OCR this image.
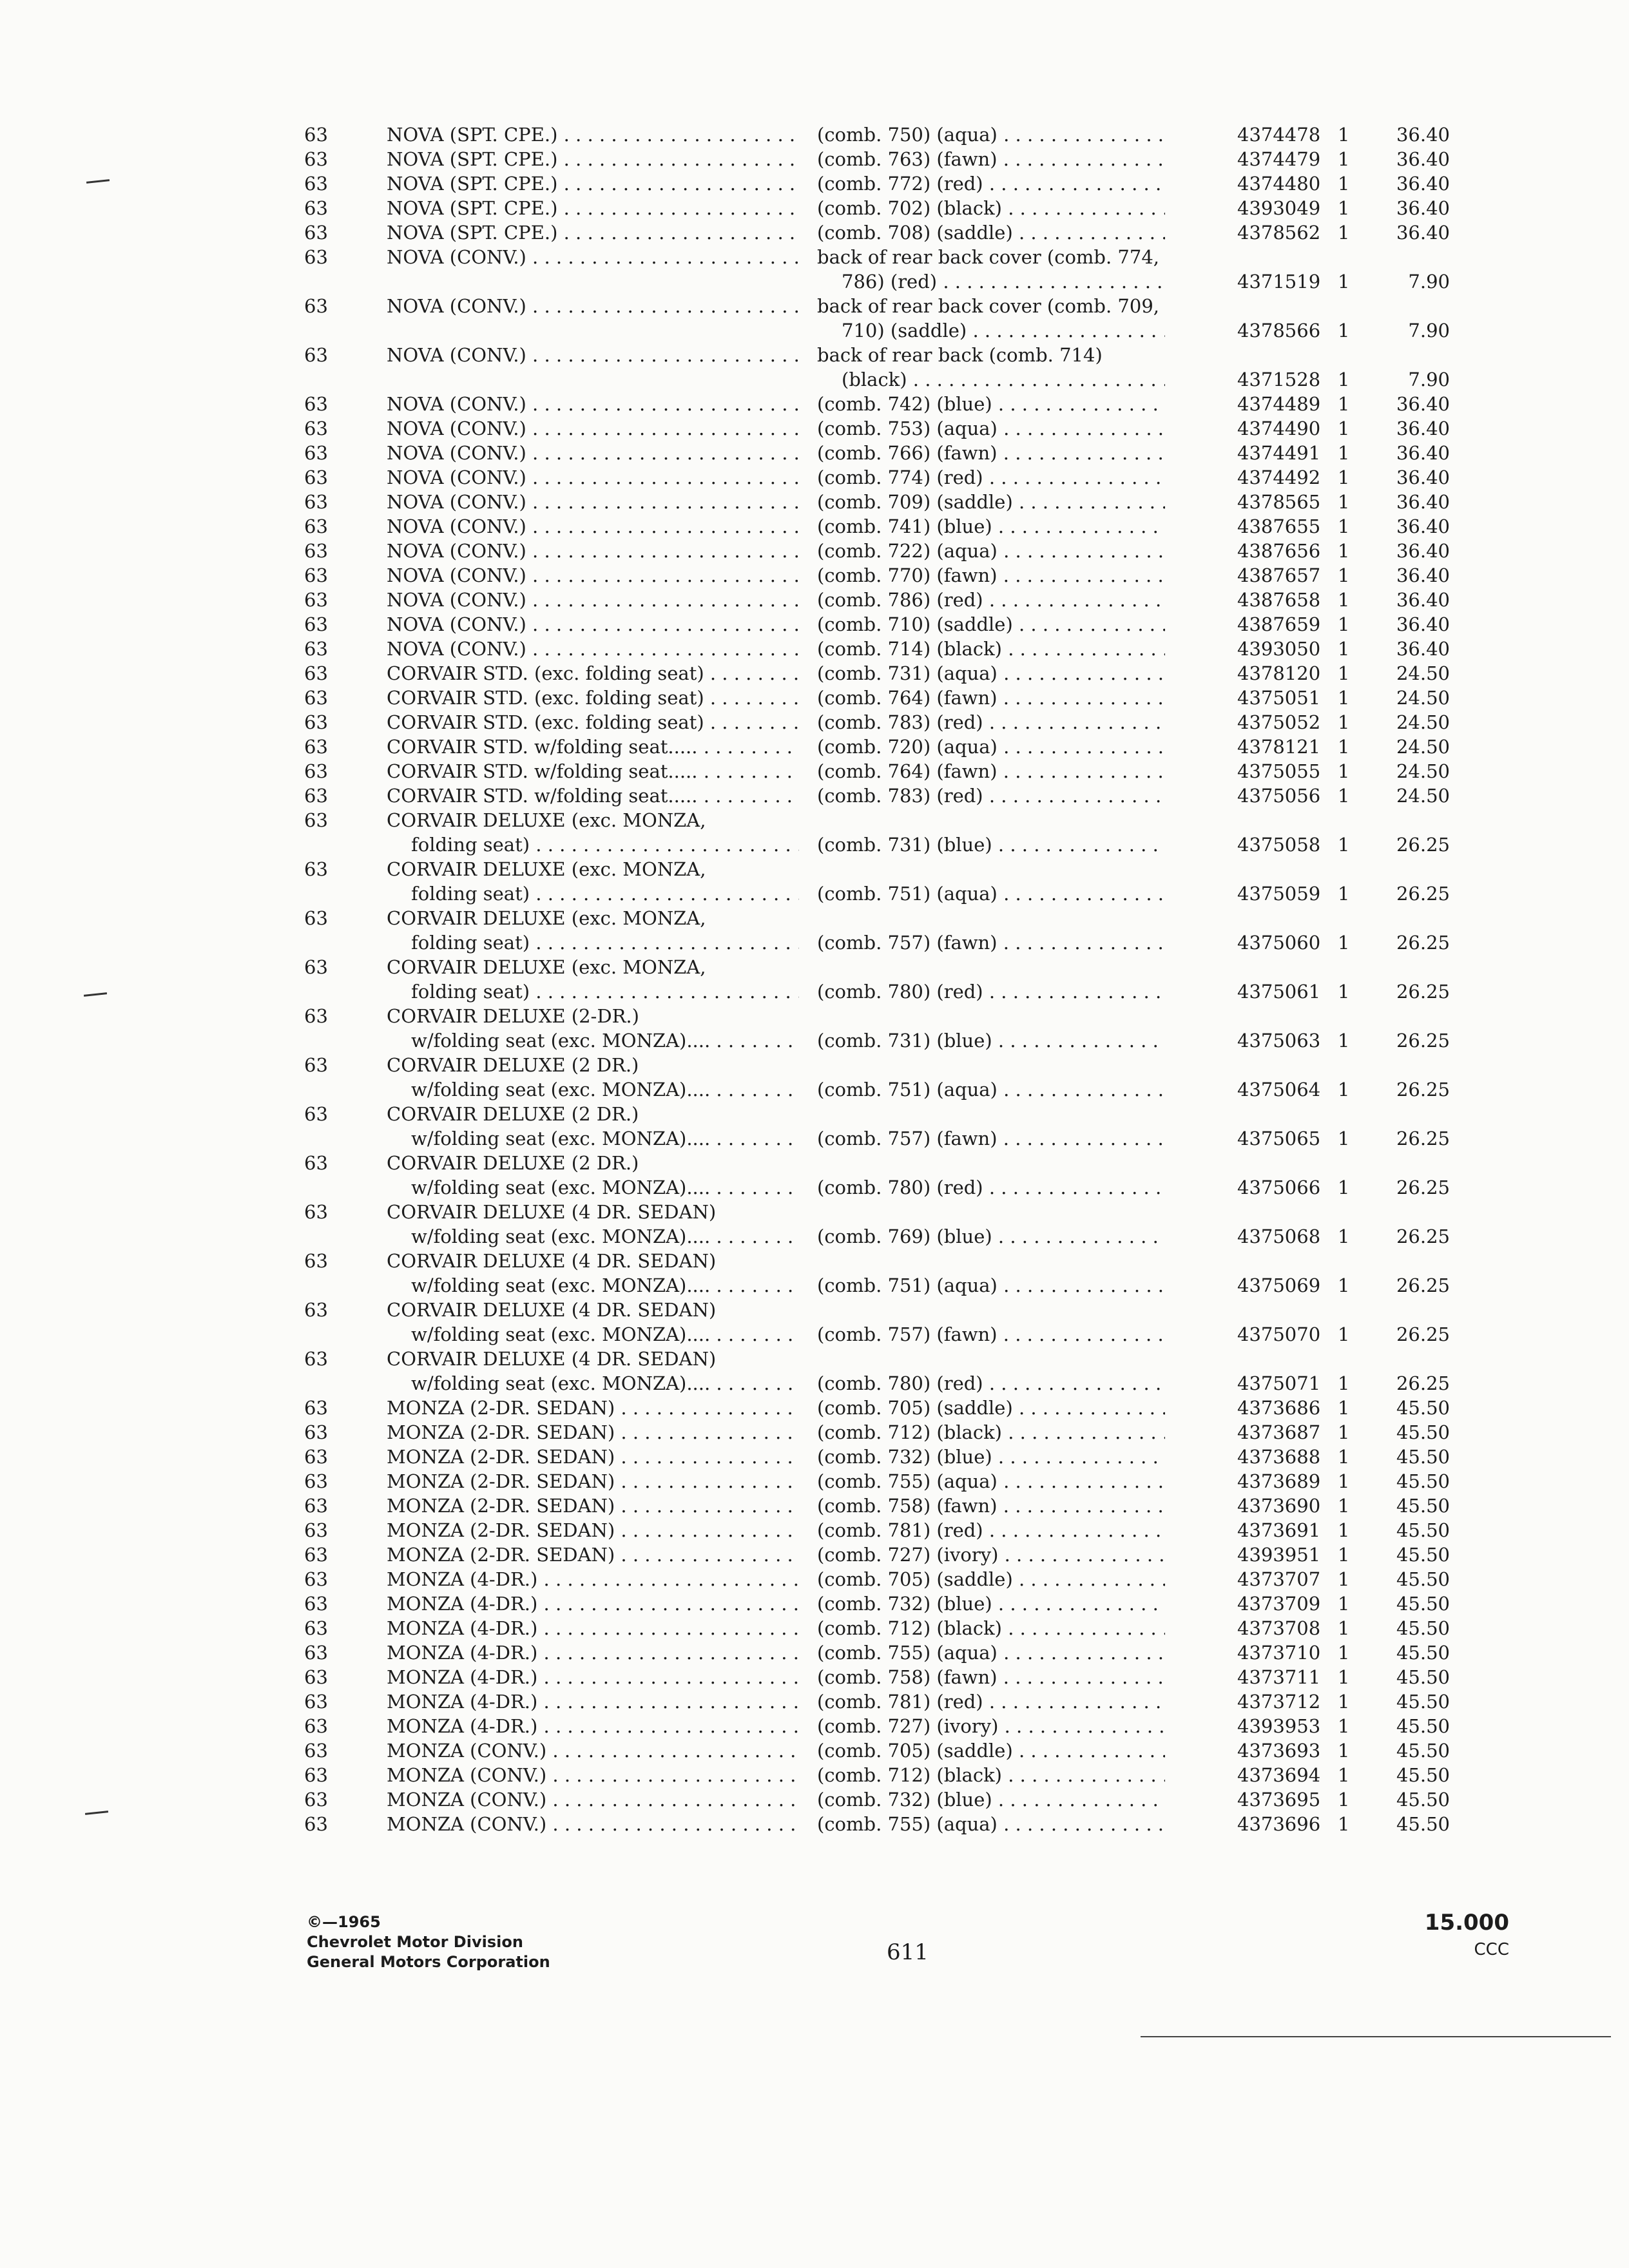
63	NOVA (SPT. CPE.) . . .	(comb. 750) (aqua) . . .	4374478 1	36.40
63	NOVA (SPT. CPE.) . . .	(comb. 763) (fawn) . . .	4374479 1	36.40
63	NOVA (SPT. CPE.) . . .	(comb. 772) (red) . . .	4374480 1	36.40
63	NOVA (SPT. CPE.) . . .	(comb. 702) (black) . . .	4393049 1	36.40
63	NOVA (SPT. CPE.) . . .	(comb. 708) (saddle) . . .	4378562 1	36.40
63	NOVA (CONV.) . . .	back of rear back cover (comb. 774,
786) (red) . . .	4371519 1	7.90
63	NOVA (CONV.) . . .	back of rear back cover (comb. 709,
710) (saddle) . . .	4378566 1	7.90
63	NOVA (CONV.) . . .	back of rear back (comb. 714)
(black) . . .	4371528 1	7.90
63	NOVA (CONV.) . . .	(comb. 742) (blue) . . .	4374489 1	36.40
63	NOVA (CONV.) . . .	(comb. 753) (aqua) . . .	4374490 1	36.40
63	NOVA (CONV.) . . .	(comb. 766) (fawn) . . .	4374491 1	36.40
63	NOVA (CONV.) . . .	(comb. 774) (red) . . .	4374492 1	36.40
63	NOVA (CONV.) . . .	(comb. 709) (saddle) . . .	4378565 1	36.40
63	NOVA (CONV.) . . .	(comb. 741) (blue) . . .	4387655 1	36.40
63	NOVA (CONV.) . . .	(comb. 722) (aqua) . . .	4387656 1	36.40
63	NOVA (CONV.) . . .	(comb. 770) (fawn) . . .	4387657 1	36.40
63	NOVA (CONV.) . . .	(comb. 786) (red) . . .	4387658 1	36.40
63	NOVA (CONV.) . . .	(comb. 710) (saddle) . . .	4387659 1	36.40
63	NOVA (CONV.) . . .	(comb. 714) (black) . . .	4393050 1	36.40
63	CORVAIR STD. (exc. folding seat) . . . .	(comb. 731) (aqua) . . .	4378120 1	24.50
63	CORVAIR STD. (exc. folding seat) . . . .	(comb. 764) (fawn) . . .	4375051 1	24.50
63	CORVAIR STD. (exc. folding seat) . . . .	(comb. 783) (red) . . .	4375052 1	24.50
63	CORVAIR STD. w/folding seat..... . . .	(comb. 720) (aqua) . . .	4378121 1	24.50
63	CORVAIR STD. w/folding seat..... . . .	(comb. 764) (fawn) . . .	4375055 1	24.50
63	CORVAIR STD. w/folding seat..... . . .	(comb. 783) (red) . . .	4375056 1	24.50
63	CORVAIR DELUXE (exc. MONZA,
folding seat) . . .	(comb. 731) (blue) . . .	4375058 1	26.25
63	CORVAIR DELUXE (exc. MONZA,
folding seat) . . .	(comb. 751) (aqua) . . .	4375059 1	26.25
63	CORVAIR DELUXE (exc. MONZA,
folding seat) . . .	(comb. 757) (fawn) . . .	4375060 1	26.25
63	CORVAIR DELUXE (exc. MONZA,
folding seat) . . .	(comb. 780) (red) . . .	4375061 1	26.25
63	CORVAIR DELUXE (2-DR.)
w/folding seat (exc. MONZA).... . . .	(comb. 731) (blue) . . .	4375063 1	26.25
63	CORVAIR DELUXE (2 DR.)
w/folding seat (exc. MONZA).... . . .	(comb. 751) (aqua) . . .	4375064 1	26.25
63	CORVAIR DELUXE (2 DR.)
w/folding seat (exc. MONZA).... . . .	(comb. 757) (fawn) . . .	4375065 1	26.25
63	CORVAIR DELUXE (2 DR.)
w/folding seat (exc. MONZA).... . . .	(comb. 780) (red) . . .	4375066 1	26.25
63	CORVAIR DELUXE (4 DR. SEDAN)
w/folding seat (exc. MONZA).... . . .	(comb. 769) (blue) . . .	4375068 1	26.25
63	CORVAIR DELUXE (4 DR. SEDAN)
w/folding seat (exc. MONZA).... . . .	(comb. 751) (aqua) . . .	4375069 1	26.25
63	CORVAIR DELUXE (4 DR. SEDAN)
w/folding seat (exc. MONZA).... . . .	(comb. 757) (fawn) . . .	4375070 1	26.25
63	CORVAIR DELUXE (4 DR. SEDAN)
w/folding seat (exc. MONZA).... . . .	(comb. 780) (red) . . .	4375071 1	26.25
63	MONZA (2-DR. SEDAN) . . .	(comb. 705) (saddle) . . .	4373686 1	45.50
63	MONZA (2-DR. SEDAN) . . .	(comb. 712) (black) . . .	4373687 1	45.50
63	MONZA (2-DR. SEDAN) . . .	(comb. 732) (blue) . . .	4373688 1	45.50
63	MONZA (2-DR. SEDAN) . . .	(comb. 755) (aqua) . . .	4373689 1	45.50
63	MONZA (2-DR. SEDAN) . . .	(comb. 758) (fawn) . . .	4373690 1	45.50
63	MONZA (2-DR. SEDAN) . . .	(comb. 781) (red) . . .	4373691 1	45.50
63	MONZA (2-DR. SEDAN) . . .	(comb. 727) (ivory) . . .	4393951 1	45.50
63	MONZA (4-DR.) . . .	(comb. 705) (saddle) . . .	4373707 1	45.50
63	MONZA (4-DR.) . . .	(comb. 732) (blue) . . .	4373709 1	45.50
63	MONZA (4-DR.) . . .	(comb. 712) (black) . . .	4373708 1	45.50
63	MONZA (4-DR.) . . .	(comb. 755) (aqua) . . .	4373710 1	45.50
63	MONZA (4-DR.) . . .	(comb. 758) (fawn) . . .	4373711 1	45.50
63	MONZA (4-DR.) . . .	(comb. 781) (red) . . .	4373712 1	45.50
63	MONZA (4-DR.) . . .	(comb. 727) (ivory) . . .	4393953 1	45.50
63	MONZA (CONV.) . . .	(comb. 705) (saddle) . . .	4373693 1	45.50
63	MONZA (CONV.) . . .	(comb. 712) (black) . . .	4373694 1	45.50
63	MONZA (CONV.) . . .	(comb. 732) (blue) . . .	4373695 1	45.50
63	MONZA (CONV.) . . .	(comb. 755) (aqua) . . .	4373696 1	45.50
©—1965
Chevrolet Motor Division
General Motors Corporation	611
15.000
CCC
